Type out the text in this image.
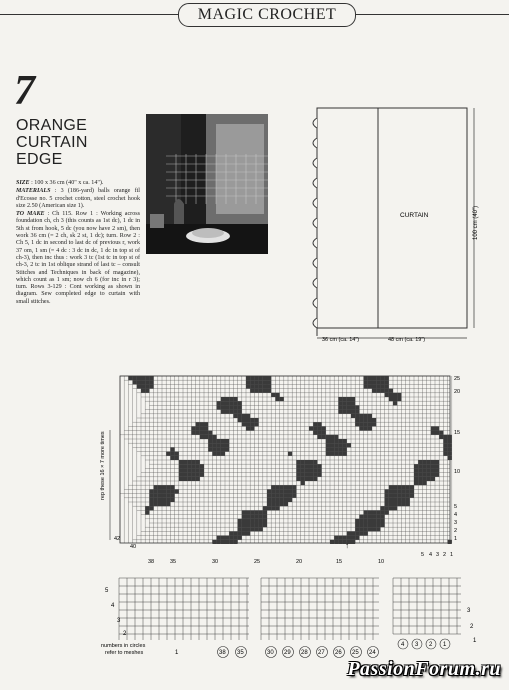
MAGIC CROCHET
7
ORANGE
CURTAIN
EDGE

SIZE : 100 x 36 cm (40" x ca. 14").

MATERIALS : 3 (186-yard) balls orange fil d'Ecosse no. 5 crochet cotton, steel crochet hook size 2.50 (American size 1).

TO MAKE : Ch 115. Row 1 : Working across foundation ch, ch 3 (this counts as 1st dc), 1 dc in 5th st from hook, 5 dc (you now have 2 sm), then work 36 cm (= 2 ch, sk 2 st, 1 dc); turn. Row 2 : Ch 5, 1 dc in second to last dc of previous r, work 37 om, 1 sm (= 4 dc : 3 dc in dc, 1 dc in top st of ch-3), then inc thus : work 3 tc (1st tc in top st of ch-3, 2 tc in 1st oblique strand of last tc – consult Stitches and Techniques in back of magazine), which count as 1 sm; now ch 6 (for inc in r 3); turn. Rows 3-129 : Cont working as shown in diagram. Sew completed edge to curtain with small stitches.

CURTAIN	100 cm (40")
36 cm (ca. 14")	48 cm (ca. 19")
rep these 16 × 7 more times
↑
25
20
15
10
5
4
3
2
1
42
40
38	35	30	25	20	15	10
5 4 3 2 1
5
4
3
2
1
numbers in circles
refer to meshes	38 35	30 29 28 27 26 25 24
4 3 2 1
3
2
1
PassionForum.ru
